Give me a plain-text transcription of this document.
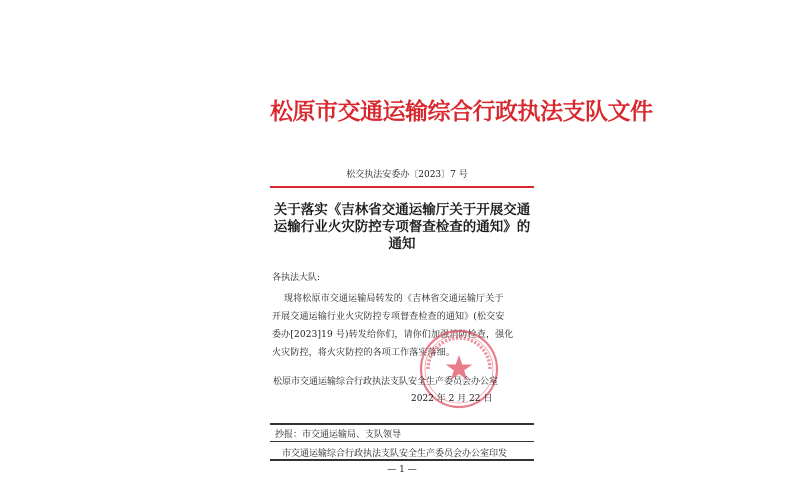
松原市交通运输综合行政执法支队文件
松交执法安委办〔2023〕7 号
关于落实《吉林省交通运输厅关于开展交通
运输行业火灾防控专项督查检查的通知》的
通知
各执法大队:
现将松原市交通运输局转发的《吉林省交通运输厅关于
开展交通运输行业火灾防控专项督查检查的通知》(松交安
委办[2023]19 号)转发给你们，请你们加强消防检查，强化
火灾防控，将火灾防控的各项工作落实落细。
松原市交通运输综合行政执法支队安全生产委员会办公室
2022 年 2 月 22 日
抄报：市交通运输局、支队领导
市交通运输综合行政执法支队安全生产委员会办公室印发
— 1 —
